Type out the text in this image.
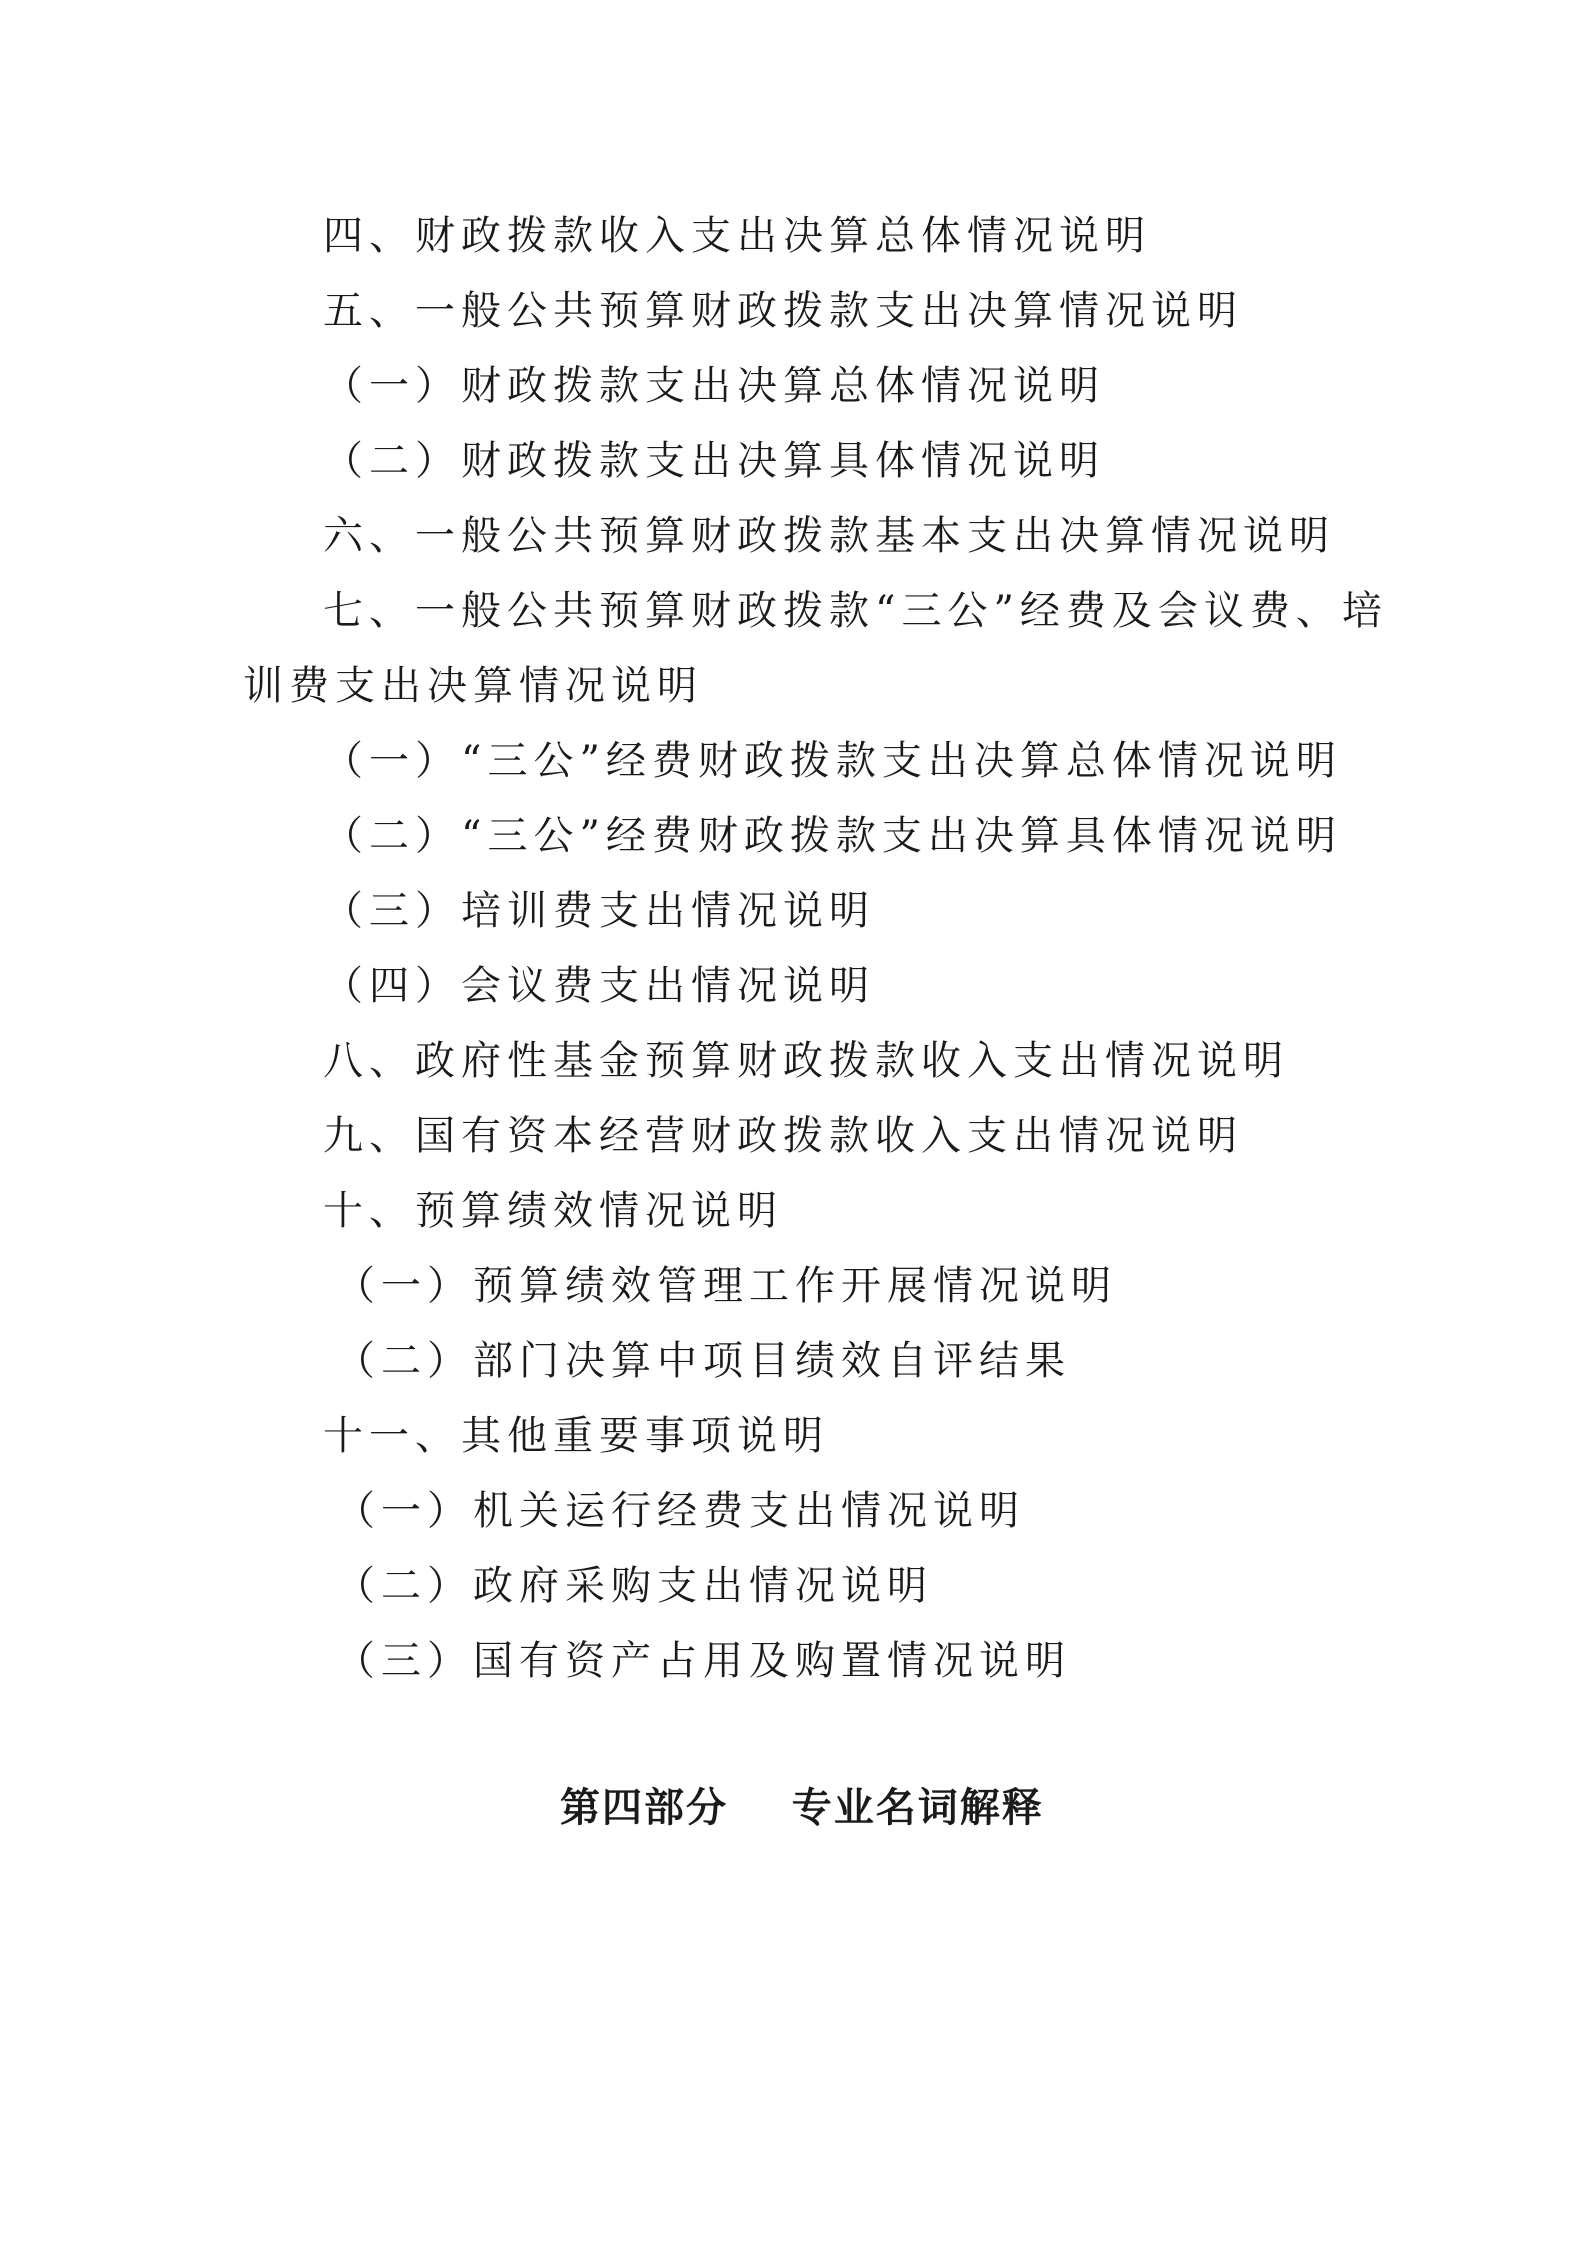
四、财政拨款收入支出决算总体情况说明
五、一般公共预算财政拨款支出决算情况说明
（一）财政拨款支出决算总体情况说明
（二）财政拨款支出决算具体情况说明
六、一般公共预算财政拨款基本支出决算情况说明
七、一般公共预算财政拨款“三公”经费及会议费、培
训费支出决算情况说明
（一）“三公”经费财政拨款支出决算总体情况说明
（二）“三公”经费财政拨款支出决算具体情况说明
（三）培训费支出情况说明
（四）会议费支出情况说明
八、政府性基金预算财政拨款收入支出情况说明
九、国有资本经营财政拨款收入支出情况说明
十、预算绩效情况说明
（一）预算绩效管理工作开展情况说明
（二）部门决算中项目绩效自评结果
十一、其他重要事项说明
（一）机关运行经费支出情况说明
（二）政府采购支出情况说明
（三）国有资产占用及购置情况说明
第四部分    专业名词解释
